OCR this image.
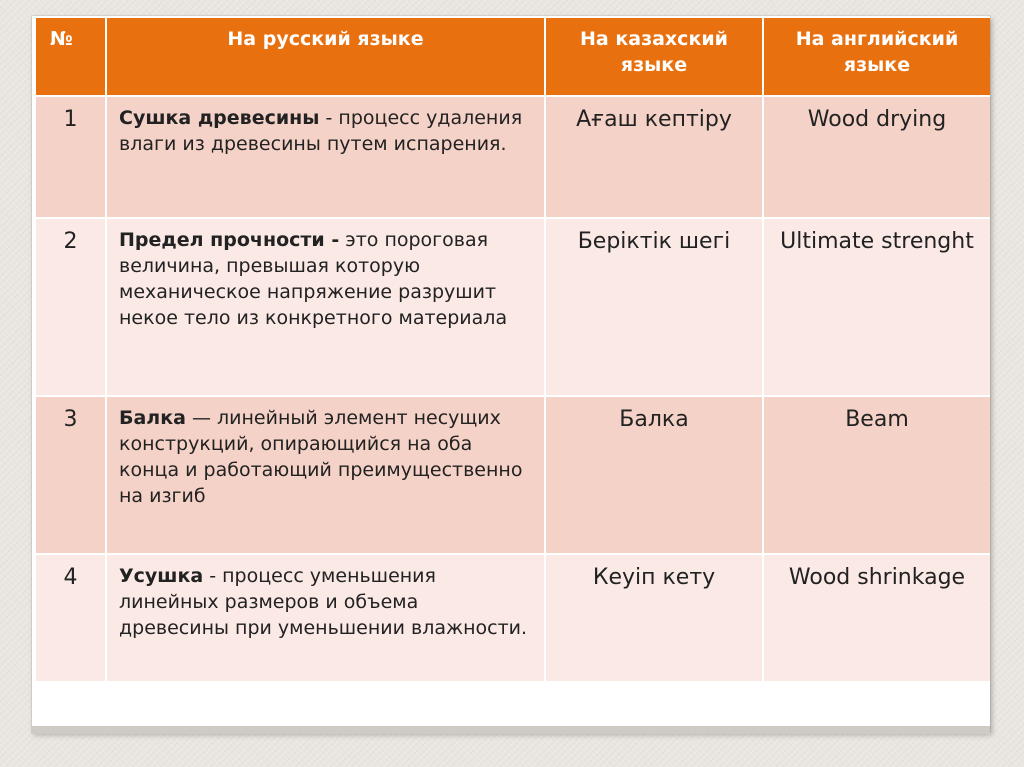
№	На русский языке	На казахский языке	На английский языке
1	Сушка древесины - процесс удаления влаги из древесины путем испарения.	Ағаш кептіру	Wood drying
2	Предел прочности - это пороговая величина, превышая которую механическое напряжение разрушит некое тело из конкретного материала	Беріктік шегі	Ultimate strenght
3	Балка — линейный элемент несущих конструкций, опирающийся на оба конца и работающий преимущественно на изгиб	Балка	Beam
4	Усушка - процесс уменьшения линейных размеров и объема древесины при уменьшении влажности.	Кеуіп кету	Wood shrinkage
